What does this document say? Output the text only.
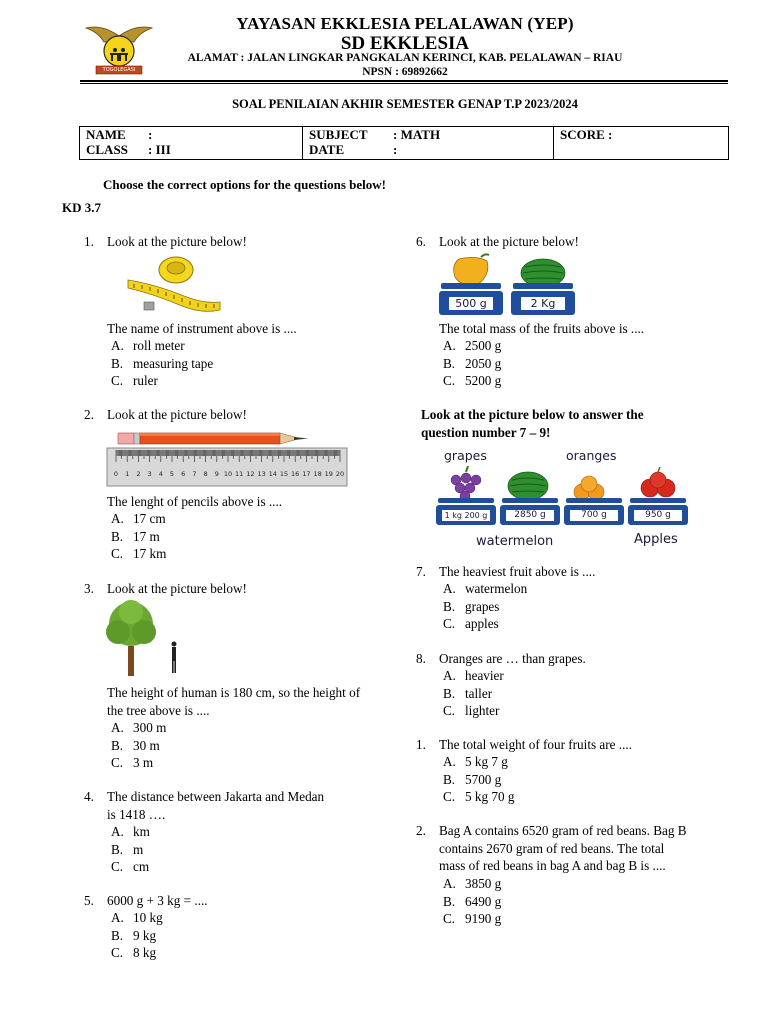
TOGOLEGASI
YAYASAN EKKLESIA PELALAWAN (YEP)
SD EKKLESIA
ALAMAT : JALAN LINGKAR PANGKALAN KERINCI, KAB. PELALAWAN – RIAU
NPSN : 69892662
SOAL PENILAIAN AKHIR SEMESTER GENAP T.P 2023/2024
NAME :
CLASS : III

SUBJECT : MATH
DATE	:

SCORE :
Choose the correct options for the questions below!
KD 3.7
1. Look at the picture below!
The name of instrument above is ....
A. roll meter
B. measuring tape
C. ruler
2. Look at the picture below!
0 1 2 3 4 5 6 7 8 9 10 11 12 13 14 15 16 17 18 19 20
The lenght of pencils above is ....
A. 17 cm
B. 17 m
C. 17 km
3. Look at the picture below!
The height of human is 180 cm, so the height of
the tree above is ....
A. 300 m
B. 30 m
C. 3 m
4. The distance between Jakarta and Medan
is 1418 ….
A. km
B. m
C. cm
5. 6000 g + 3 kg = ....
A. 10 kg
B. 9 kg
C. 8 kg
6. Look at the picture below!
500 g	2 Kg
The total mass of the fruits above is ....
A. 2500 g
B. 2050 g
C. 5200 g
Look at the picture below to answer the
question number 7 – 9!
grapes	oranges
1 kg 200 g	2850 g	700 g	950 g
watermelon	Apples
7. The heaviest fruit above is ....
A. watermelon
B. grapes
C. apples
8. Oranges are … than grapes.
A. heavier
B. taller
C. lighter
1. The total weight of four fruits are ....
A. 5 kg 7 g
B. 5700 g
C. 5 kg 70 g
2. Bag A contains 6520 gram of red beans. Bag B
contains 2670 gram of red beans. The total
mass of red beans in bag A and bag B is ....
A. 3850 g
B. 6490 g
C. 9190 g
